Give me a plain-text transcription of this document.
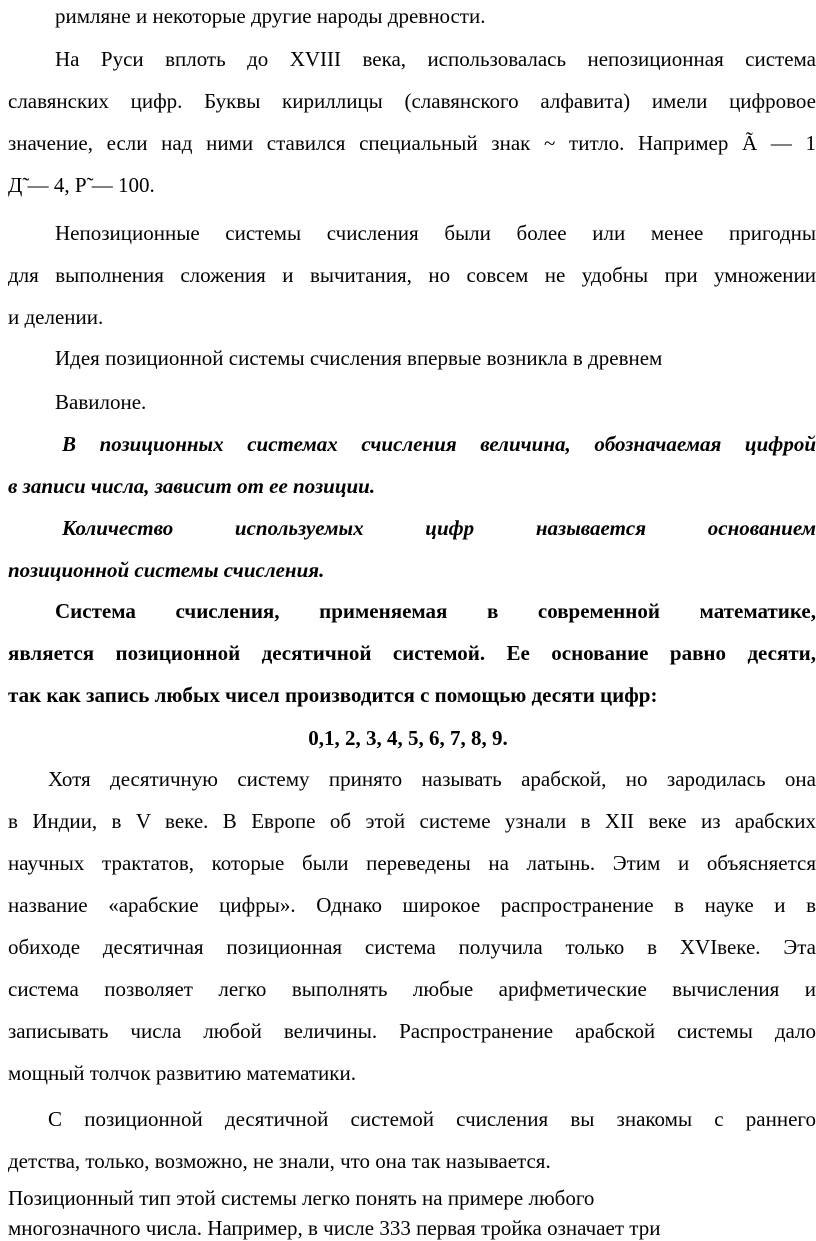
римляне и некоторые другие народы древности.
На Руси вплоть до XVIII века, использовалась непозиционная система
славянских цифр. Буквы кириллицы (славянского алфавита) имели цифровое
значение, если над ними ставился специальный знак ~ титло. Например Ã — 1
Д̃ — 4, Р̃ — 100.
Непозиционные системы счисления были более или менее пригодны
для выполнения сложения и вычитания, но совсем не удобны при умножении
и делении.
Идея позиционной системы счисления впервые возникла в древнем
Вавилоне.
В позиционных системах счисления величина, обозначаемая цифрой
в записи числа, зависит от ее позиции.
Количество используемых цифр называется основанием
позиционной системы счисления.
Система счисления, применяемая в современной математике,
является позиционной десятичной системой. Ее основание равно десяти,
так как запись любых чисел производится с помощью десяти цифр:
0,1, 2, 3, 4, 5, 6, 7, 8, 9.
Хотя десятичную систему принято называть арабской, но зародилась она
в Индии, в V веке. В Европе об этой системе узнали в XII веке из арабских
научных трактатов, которые были переведены на латынь. Этим и объясняется
название «арабские цифры». Однако широкое распространение в науке и в
обиходе десятичная позиционная система получила только в XVIвеке. Эта
система позволяет легко выполнять любые арифметические вычисления и
записывать числа любой величины. Распространение арабской системы дало
мощный толчок развитию математики.
С позиционной десятичной системой счисления вы знакомы с раннего
детства, только, возможно, не знали, что она так называется.
Позиционный тип этой системы легко понять на примере любого
многозначного числа. Например, в числе 333 первая тройка означает три
